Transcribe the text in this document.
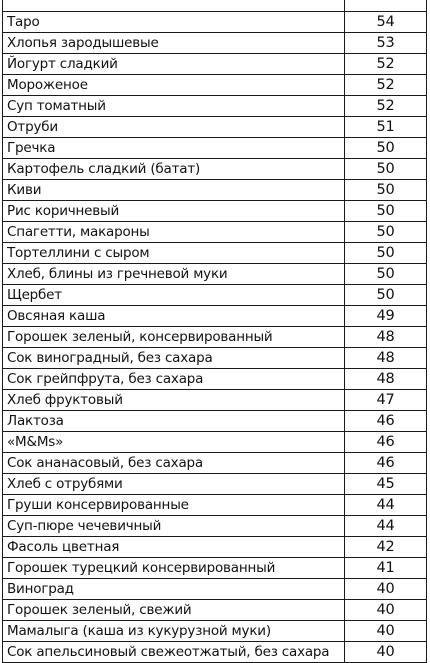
Таро	54
Хлопья зародышевые	53
Йогурт сладкий	52
Мороженое	52
Суп томатный	52
Отруби	51
Гречка	50
Картофель сладкий (батат)	50
Киви	50
Рис коричневый	50
Спагетти, макароны	50
Тортеллини с сыром	50
Хлеб, блины из гречневой муки	50
Щербет	50
Овсяная каша	49
Горошек зеленый, консервированный	48
Сок виноградный, без сахара	48
Сок грейпфрута, без сахара	48
Хлеб фруктовый	47
Лактоза	46
«M&Ms»	46
Сок ананасовый, без сахара	46
Хлеб с отрубями	45
Груши консервированные	44
Суп-пюре чечевичный	44
Фасоль цветная	42
Горошек турецкий консервированный	41
Виноград	40
Горошек зеленый, свежий	40
Мамалыга (каша из кукурузной муки)	40
Сок апельсиновый свежеотжатый, без сахара	40
